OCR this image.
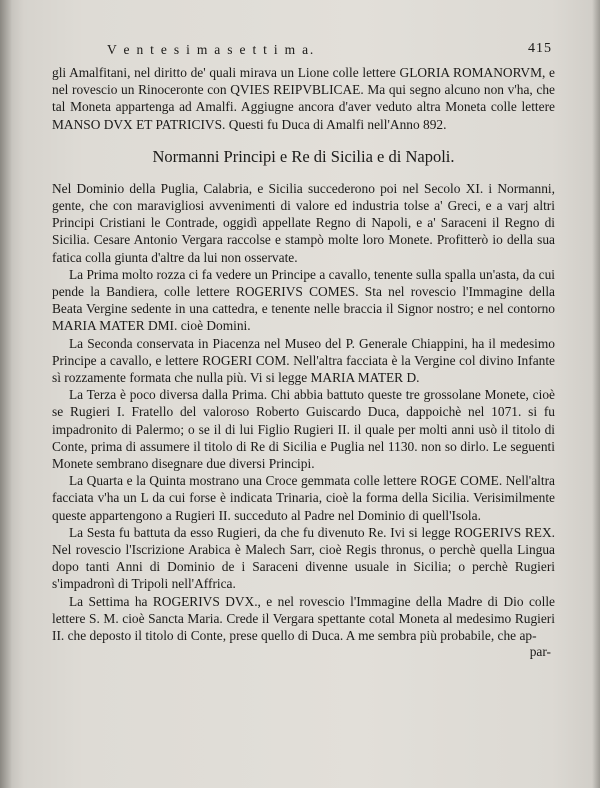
V e n t e s i m a s e t t i m a.	415

gli Amalfitani, nel diritto de' quali mirava un Lione colle lettere GLORIA ROMANORVM, e nel rovescio un Rinoceronte con QVIES REIPVBLICAE. Ma qui segno alcuno non v'ha, che tal Moneta appartenga ad Amalfi. Aggiugne ancora d'aver veduto altra Moneta colle lettere MANSO DVX ET PATRICIVS. Questi fu Duca di Amalfi nell'Anno 892.

Normanni Principi e Re di Sicilia e di Napoli.

Nel Dominio della Puglia, Calabria, e Sicilia succederono poi nel Secolo XI. i Normanni, gente, che con maravigliosi avvenimenti di valore ed industria tolse a' Greci, e a varj altri Principi Cristiani le Contrade, oggidì appellate Regno di Napoli, e a' Saraceni il Regno di Sicilia. Cesare Antonio Vergara raccolse e stampò molte loro Monete. Profitterò io della sua fatica colla giunta d'altre da lui non osservate.

La Prima molto rozza ci fa vedere un Principe a cavallo, tenente sulla spalla un'asta, da cui pende la Bandiera, colle lettere ROGERIVS COMES. Sta nel rovescio l'Immagine della Beata Vergine sedente in una cattedra, e tenente nelle braccia il Signor nostro; e nel contorno MARIA MATER DMI. cioè Domini.

La Seconda conservata in Piacenza nel Museo del P. Generale Chiappini, ha il medesimo Principe a cavallo, e lettere ROGERI COM. Nell'altra facciata è la Vergine col divino Infante sì rozzamente formata che nulla più. Vi si legge MARIA MATER D.

La Terza è poco diversa dalla Prima. Chi abbia battuto queste tre grossolane Monete, cioè se Rugieri I. Fratello del valoroso Roberto Guiscardo Duca, dappoichè nel 1071. si fu impadronito di Palermo; o se il di lui Figlio Rugieri II. il quale per molti anni usò il titolo di Conte, prima di assumere il titolo di Re di Sicilia e Puglia nel 1130. non so dirlo. Le seguenti Monete sembrano disegnare due diversi Principi.

La Quarta e la Quinta mostrano una Croce gemmata colle lettere ROGE COME. Nell'altra facciata v'ha un L da cui forse è indicata Trinaria, cioè la forma della Sicilia. Verisimilmente queste appartengono a Rugieri II. succeduto al Padre nel Dominio di quell'Isola.

La Sesta fu battuta da esso Rugieri, da che fu divenuto Re. Ivi si legge ROGERIVS REX. Nel rovescio l'Iscrizione Arabica è Malech Sarr, cioè Regis thronus, o perchè quella Lingua dopo tanti Anni di Dominio de i Saraceni divenne usuale in Sicilia; o perchè Rugieri s'impadronì di Tripoli nell'Affrica.

La Settima ha ROGERIVS DVX., e nel rovescio l'Immagine della Madre di Dio colle lettere S. M. cioè Sancta Maria. Crede il Vergara spettante cotal Moneta al medesimo Rugieri II. che deposto il titolo di Conte, prese quello di Duca. A me sembra più probabile, che ap-

par-
